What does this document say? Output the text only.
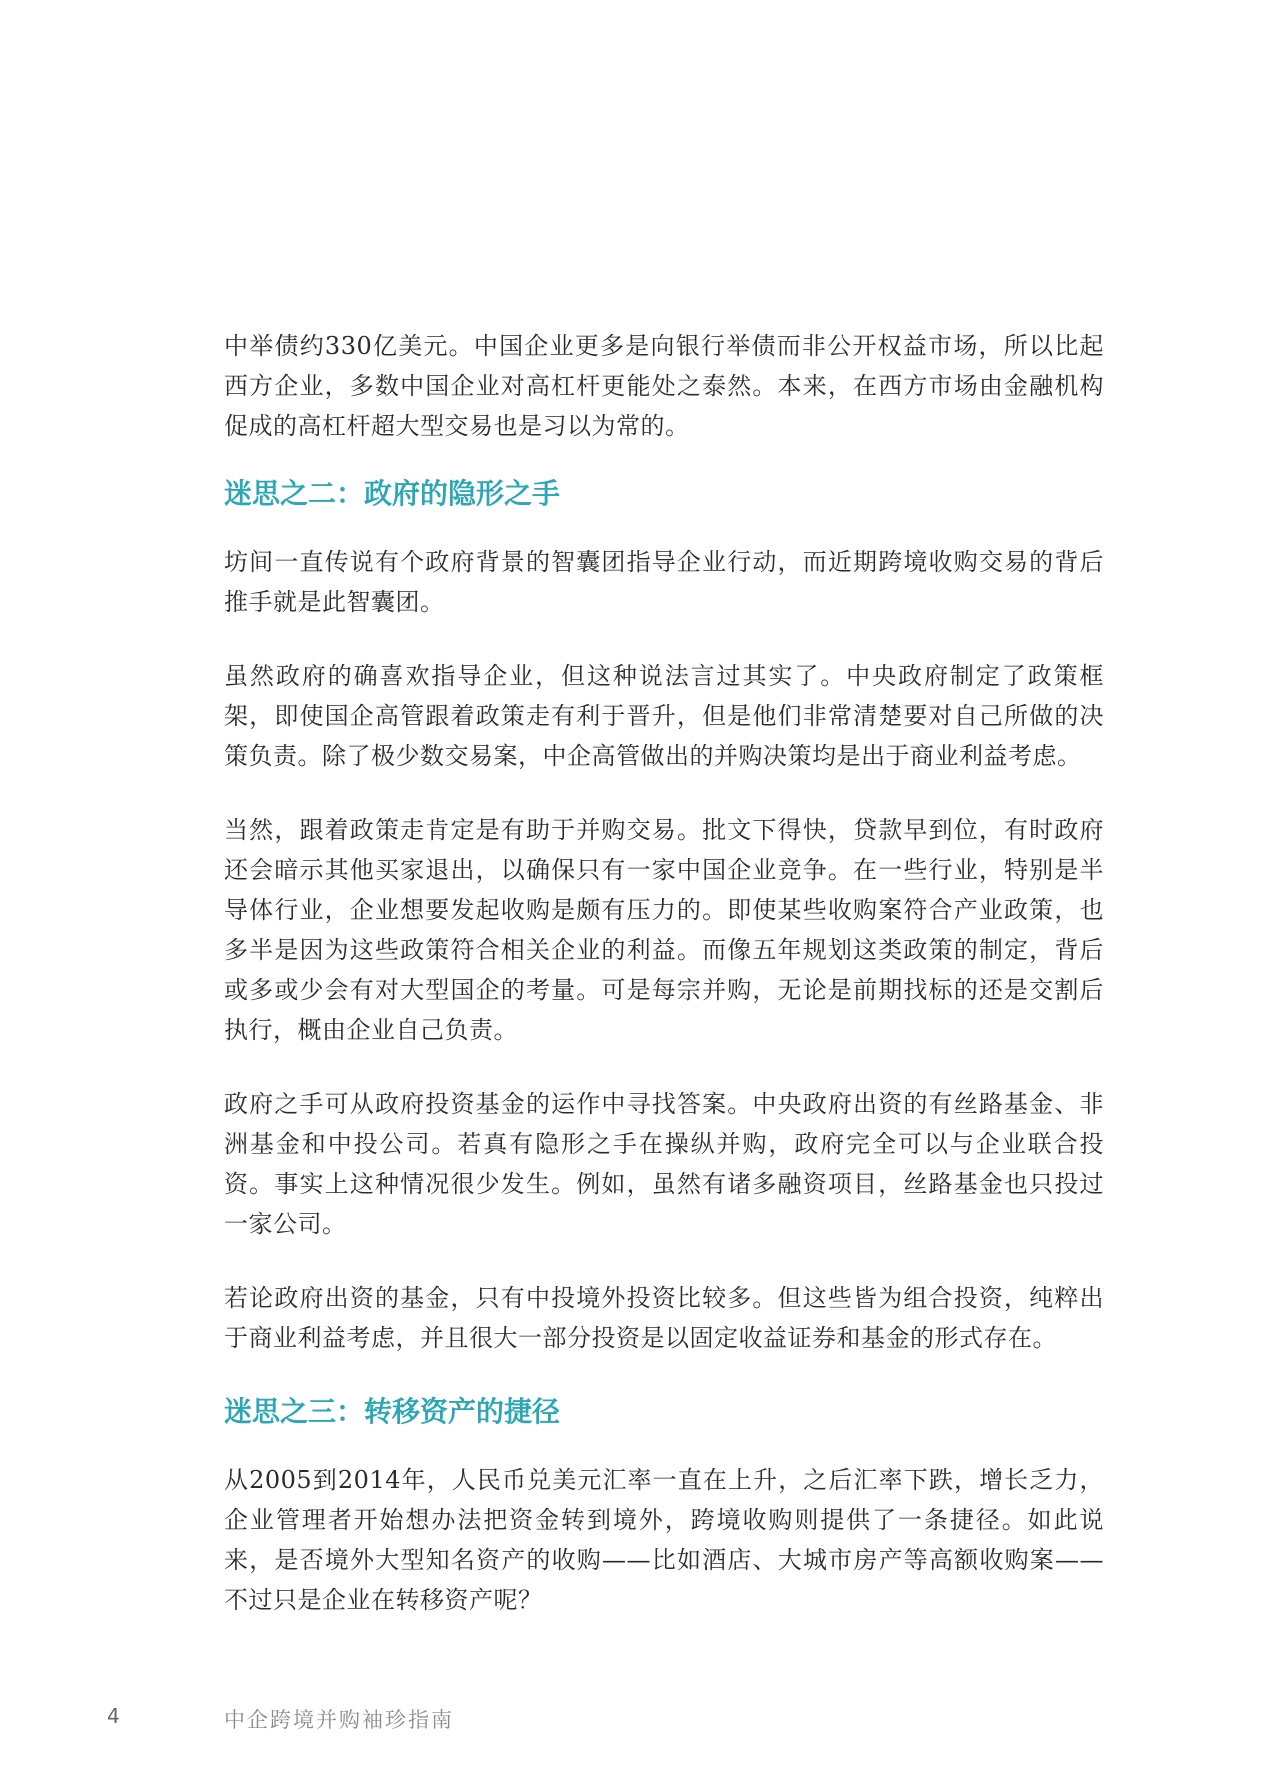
中举债约330亿美元。中国企业更多是向银行举债而非公开权益市场，所以比起西方企业，多数中国企业对高杠杆更能处之泰然。本来，在西方市场由金融机构促成的高杠杆超大型交易也是习以为常的。

迷思之二：政府的隐形之手

坊间一直传说有个政府背景的智囊团指导企业行动，而近期跨境收购交易的背后推手就是此智囊团。

虽然政府的确喜欢指导企业，但这种说法言过其实了。中央政府制定了政策框架，即使国企高管跟着政策走有利于晋升，但是他们非常清楚要对自己所做的决策负责。除了极少数交易案，中企高管做出的并购决策均是出于商业利益考虑。

当然，跟着政策走肯定是有助于并购交易。批文下得快，贷款早到位，有时政府还会暗示其他买家退出，以确保只有一家中国企业竞争。在一些行业，特别是半导体行业，企业想要发起收购是颇有压力的。即使某些收购案符合产业政策，也多半是因为这些政策符合相关企业的利益。而像五年规划这类政策的制定，背后或多或少会有对大型国企的考量。可是每宗并购，无论是前期找标的还是交割后执行，概由企业自己负责。

政府之手可从政府投资基金的运作中寻找答案。中央政府出资的有丝路基金、非洲基金和中投公司。若真有隐形之手在操纵并购，政府完全可以与企业联合投资。事实上这种情况很少发生。例如，虽然有诸多融资项目，丝路基金也只投过一家公司。

若论政府出资的基金，只有中投境外投资比较多。但这些皆为组合投资，纯粹出于商业利益考虑，并且很大一部分投资是以固定收益证券和基金的形式存在。

迷思之三：转移资产的捷径

从2005到2014年，人民币兑美元汇率一直在上升，之后汇率下跌，增长乏力，企业管理者开始想办法把资金转到境外，跨境收购则提供了一条捷径。如此说来，是否境外大型知名资产的收购——比如酒店、大城市房产等高额收购案——不过只是企业在转移资产呢？

4	中企跨境并购袖珍指南
